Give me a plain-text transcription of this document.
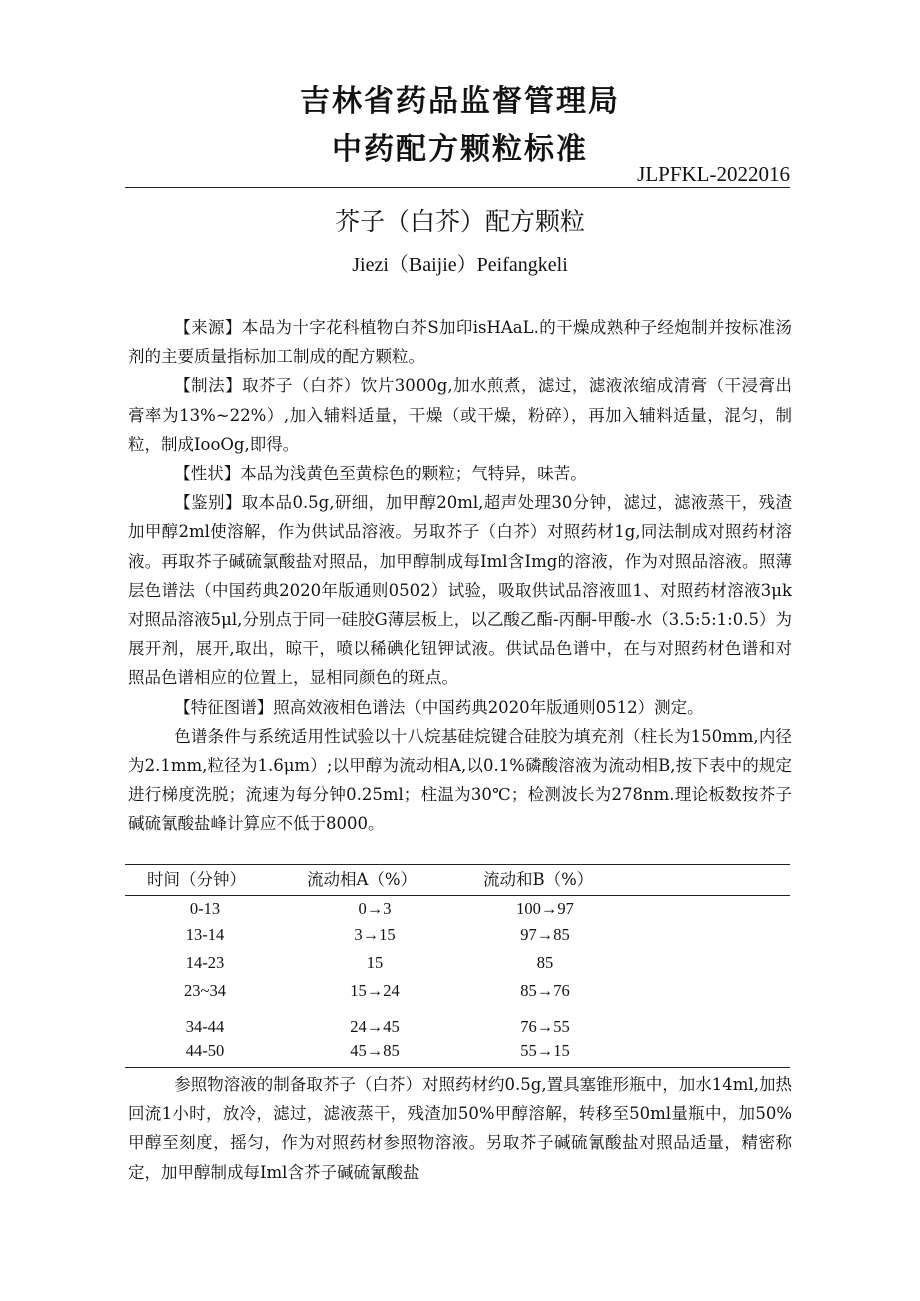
吉林省药品监督管理局
中药配方颗粒标准
JLPFKL-2022016
芥子（白芥）配方颗粒
Jiezi（Baijie）Peifangkeli

【来源】本品为十字花科植物白芥S加印isHAaL.的干燥成熟种子经炮制并按标准汤剂的主要质量指标加工制成的配方颗粒。

【制法】取芥子（白芥）饮片3000g,加水煎煮，滤过，滤液浓缩成清膏（干浸膏出膏率为13%~22%）,加入辅料适量，干燥（或干燥，粉碎），再加入辅料适量，混匀，制粒，制成IooOg,即得。

【性状】本品为浅黄色至黄棕色的颗粒；气特异，味苦。

【鉴别】取本品0.5g,研细，加甲醇20ml,超声处理30分钟，滤过，滤液蒸干，残渣加甲醇2ml使溶解，作为供试品溶液。另取芥子（白芥）对照药材1g,同法制成对照药材溶液。再取芥子碱硫氯酸盐对照品，加甲醇制成每Iml含Img的溶液，作为对照品溶液。照薄层色谱法（中国药典2020年版通则0502）试验，吸取供试品溶液皿1、对照药材溶液3μk对照品溶液5μl,分别点于同一硅胶G薄层板上，以乙酸乙酯-丙酮-甲酸-水（3.5:5:1:0.5）为展开剂，展开,取出，晾干，喷以稀碘化钮钾试液。供试品色谱中，在与对照药材色谱和对照品色谱相应的位置上，显相同颜色的斑点。

【特征图谱】照高效液相色谱法（中国药典2020年版通则0512）测定。

色谱条件与系统适用性试验以十八烷基硅烷键合硅胶为填充剂（柱长为150mm,内径为2.1mm,粒径为1.6μm）;以甲醇为流动相A,以0.1%磷酸溶液为流动相B,按下表中的规定进行梯度洗脱；流速为每分钟0.25ml；柱温为30℃；检测波长为278nm.理论板数按芥子碱硫氰酸盐峰计算应不低于8000。

时间（分钟）	流动相A（%）	流动和B（%）
0-13	0→3	100→97
13-14	3→15	97→85
14-23	15	85
23~34	15→24	85→76
34-44	24→45	76→55
44-50	45→85	55→15

参照物溶液的制备取芥子（白芥）对照药材约0.5g,置具塞锥形瓶中，加水14ml,加热回流1小时，放冷，滤过，滤液蒸干，残渣加50%甲醇溶解，转移至50ml量瓶中，加50%甲醇至刻度，摇匀，作为对照药材参照物溶液。另取芥子碱硫氰酸盐对照品适量，精密称定，加甲醇制成每Iml含芥子碱硫氰酸盐
